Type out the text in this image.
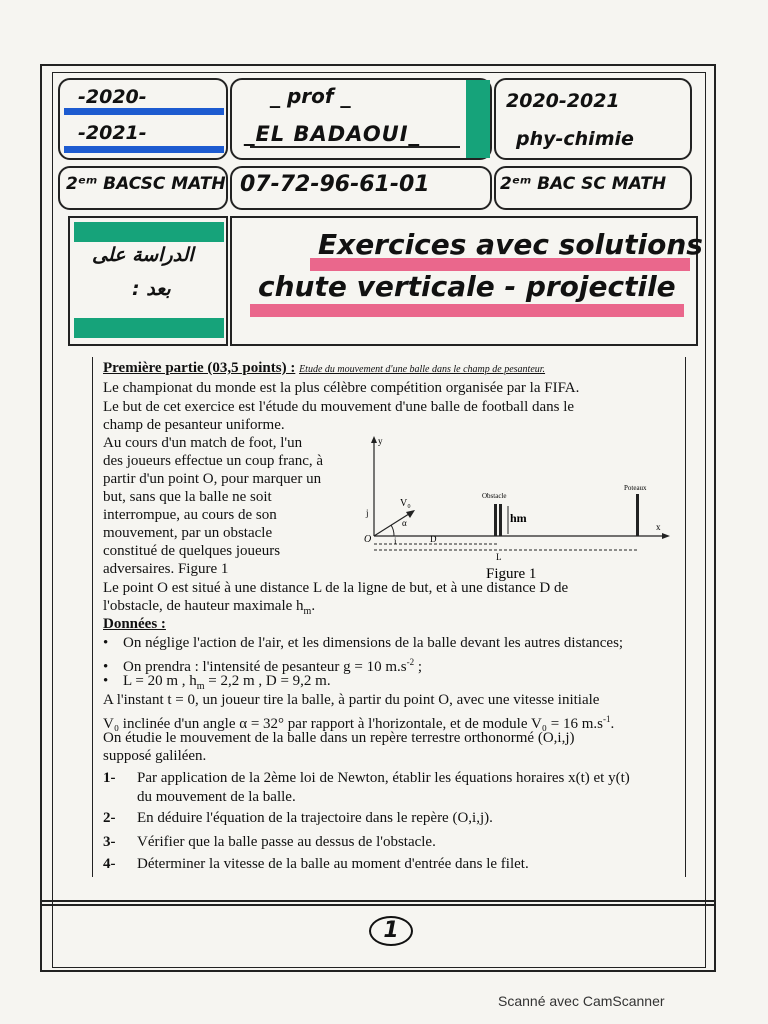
-2020-
-2021-
_ prof _
_EL BADAOUI_
2020-2021
phy-chimie
2ᵉᵐ BACSC MATH 07-72-96-61-01	2ᵉᵐ BAC SC MATH
الدراسة على
بعد :
Exercices avec solutions
chute verticale - projectile
Première partie (03,5 points) : Etude du mouvement d'une balle dans le champ de pesanteur.
Le championat du monde est la plus célèbre compétition organisée par la FIFA.
Le but de cet exercice est l'étude du mouvement d'une balle de football dans le
champ de pesanteur uniforme.
Au cours d'un match de foot, l'un
des joueurs effectue un coup franc, à
partir d'un point O, pour marquer un
but, sans que la balle ne soit
interrompue, au cours de son
mouvement, par un obstacle
constitué de quelques joueurs
adversaires. Figure 1
Le point O est situé à une distance L de la ligne de but, et à une distance D de
l'obstacle, de hauteur maximale $h_m$.
Données :
• On néglige l'action de l'air, et les dimensions de la balle devant les autres distances;
• On prendra : l'intensité de pesanteur g = 10 $m.s^{-2}$ ;
• L = 20 m , $h_m = 2,2$ m , D = 9,2 m.
A l'instant t = 0, un joueur tire la balle, à partir du point O, avec une vitesse initiale
V₀ inclinée d'un angle α = 32° par rapport à l'horizontale, et de module V₀ = 16 $m.s^{-1}$.
On étudie le mouvement de la balle dans un repère terrestre orthonormé (O,i,j)
supposé galiléen.
1- Par application de la 2ème loi de Newton, établir les équations horaires x(t) et y(t)
du mouvement de la balle.
2- En déduire l'équation de la trajectoire dans le repère (O,i,j).
3- Vérifier que la balle passe au dessus de l'obstacle.
4- Déterminer la vitesse de la balle au moment d'entrée dans le filet.
y
x
O	i
j
V₀
α
Obstacle
hm
Poteaux
D
L
Figure 1
1
Scanné avec CamScanner
